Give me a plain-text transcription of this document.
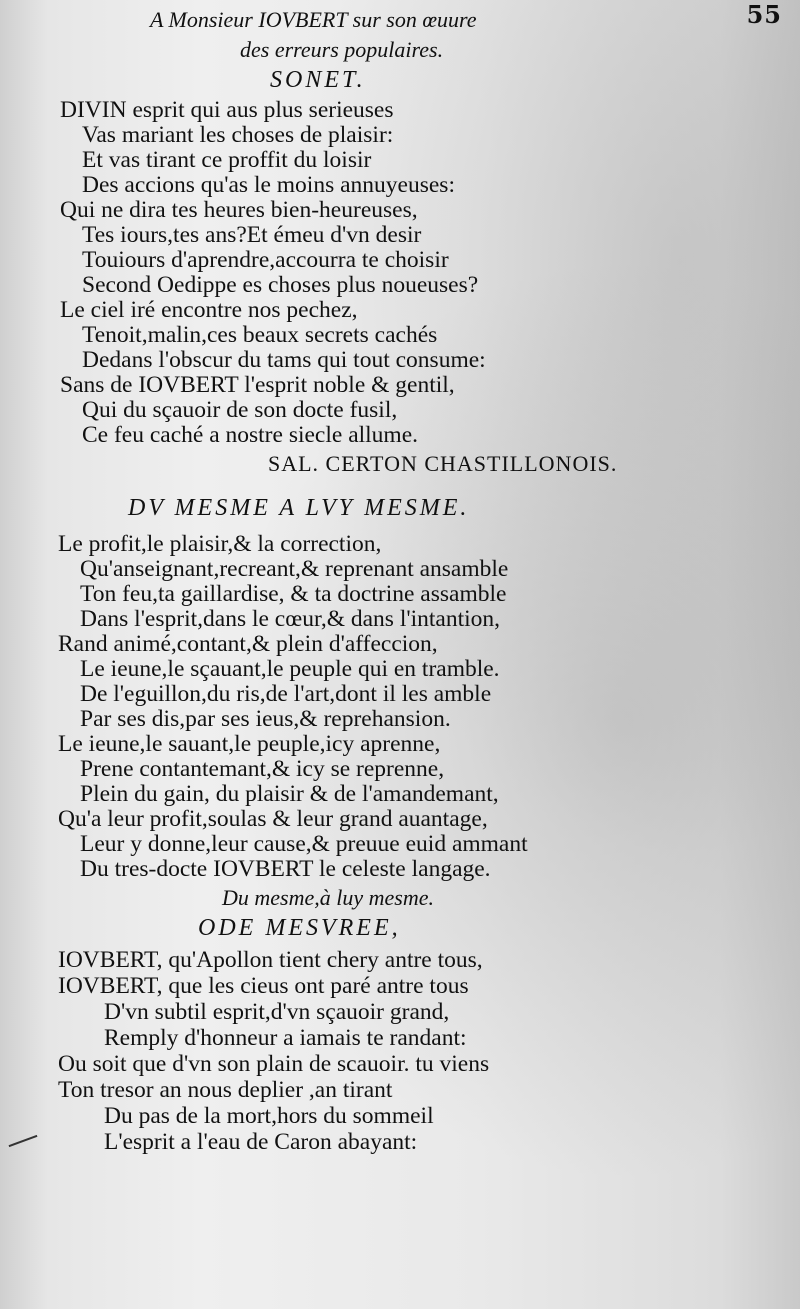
55
A Monsieur IOVBERT sur son œuure
des erreurs populaires.
SONET.
DIVIN esprit qui aus plus serieuses
Vas mariant les choses de plaisir:
Et vas tirant ce proffit du loisir
Des accions qu'as le moins annuyeuses:
Qui ne dira tes heures bien-heureuses,
Tes iours,tes ans?Et émeu d'vn desir
Touiours d'aprendre,accourra te choisir
Second Oedippe es choses plus noueuses?
Le ciel iré encontre nos pechez,
Tenoit,malin,ces beaux secrets cachés
Dedans l'obscur du tams qui tout consume:
Sans de IOVBERT l'esprit noble & gentil,
Qui du sçauoir de son docte fusil,
Ce feu caché a nostre siecle allume.
SAL. CERTON CHASTILLONOIS.
DV MESME A LVY MESME.
Le profit,le plaisir,& la correction,
Qu'anseignant,recreant,& reprenant ansamble
Ton feu,ta gaillardise, & ta doctrine assamble
Dans l'esprit,dans le cœur,& dans l'intantion,
Rand animé,contant,& plein d'affeccion,
Le ieune,le sçauant,le peuple qui en tramble.
De l'eguillon,du ris,de l'art,dont il les amble
Par ses dis,par ses ieus,& reprehansion.
Le ieune,le sauant,le peuple,icy aprenne,
Prene contantemant,& icy se reprenne,
Plein du gain, du plaisir & de l'amandemant,
Qu'a leur profit,soulas & leur grand auantage,
Leur y donne,leur cause,& preuue euid ammant
Du tres-docte IOVBERT le celeste langage.
Du mesme,à luy mesme.
ODE MESVREE,
IOVBERT, qu'Apollon tient chery antre tous,
IOVBERT, que les cieus ont paré antre tous
D'vn subtil esprit,d'vn sçauoir grand,
Remply d'honneur a iamais te randant:
Ou soit que d'vn son plain de scauoir. tu viens
Ton tresor an nous deplier ,an tirant
Du pas de la mort,hors du sommeil
L'esprit a l'eau de Caron abayant:
